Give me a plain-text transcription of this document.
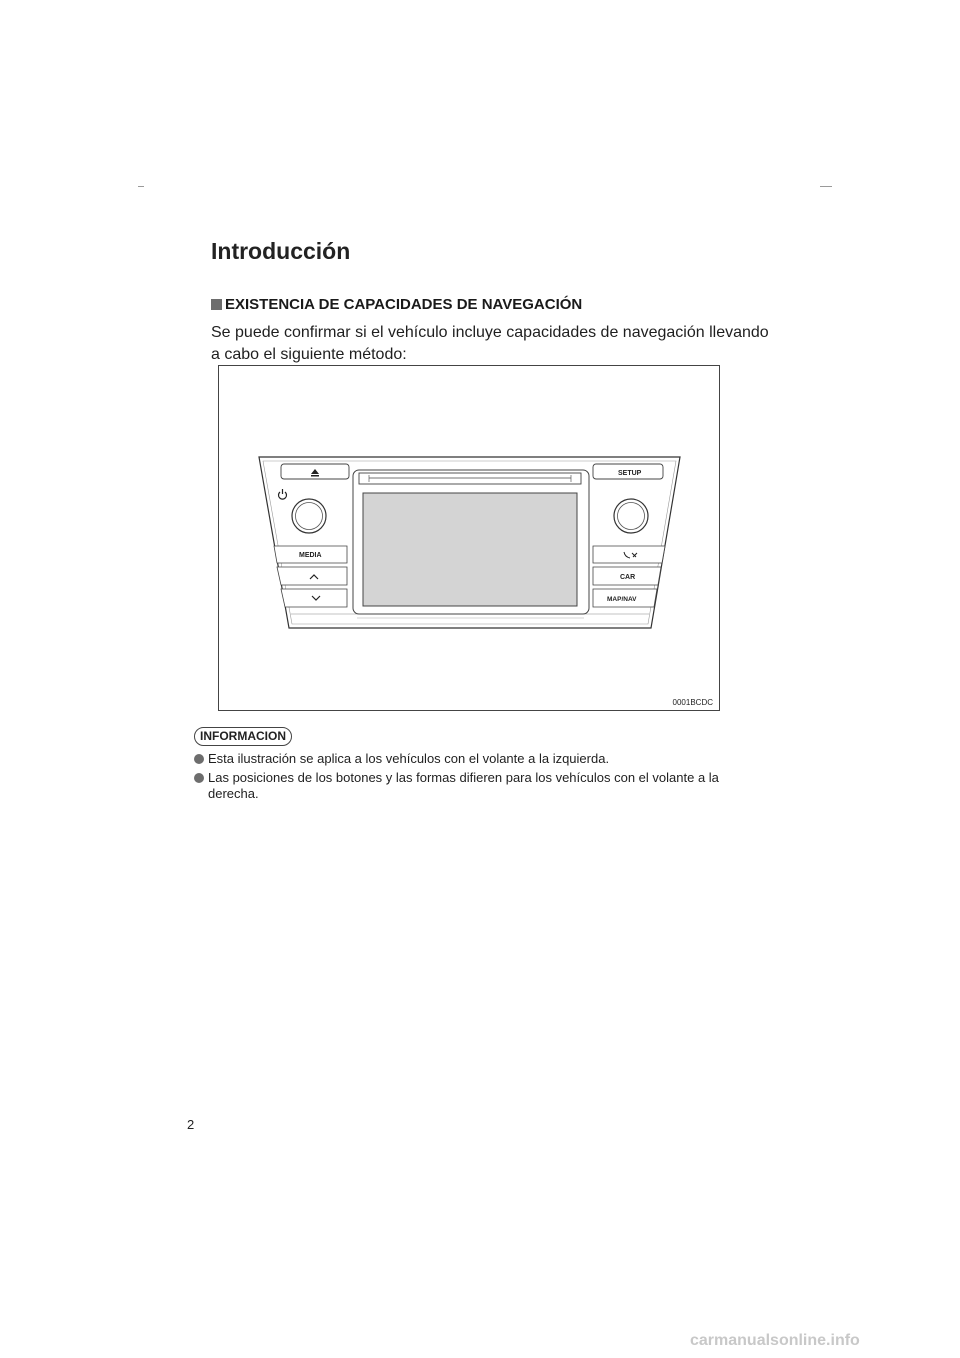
Introducción
EXISTENCIA DE CAPACIDADES DE NAVEGACIÓN

Se puede confirmar si el vehículo incluye capacidades de navegación llevando a cabo el siguiente método:

MEDIA
SETUP
CAR
MAP/NAV
0001BCDC
INFORMACION
Esta ilustración se aplica a los vehículos con el volante a la izquierda.
Las posiciones de los botones y las formas difieren para los vehículos con el volante a la derecha.
2
carmanualsonline.info
